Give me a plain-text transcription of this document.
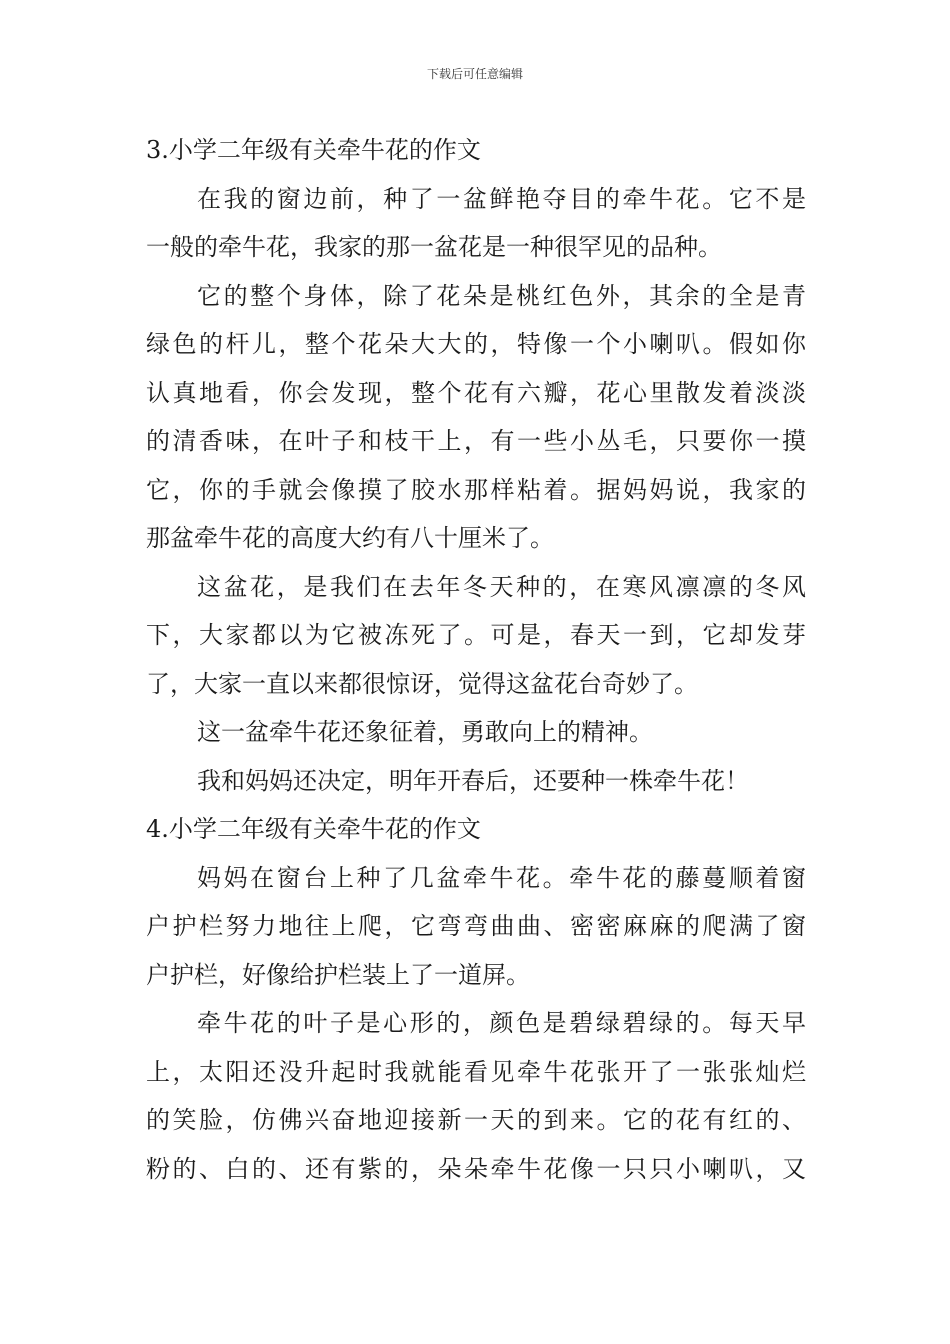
下载后可任意编辑
3.小学二年级有关牵牛花的作文
在我的窗边前，种了一盆鲜艳夺目的牵牛花。它不是
一般的牵牛花，我家的那一盆花是一种很罕见的品种。
它的整个身体，除了花朵是桃红色外，其余的全是青
绿色的杆儿，整个花朵大大的，特像一个小喇叭。假如你
认真地看，你会发现，整个花有六瓣，花心里散发着淡淡
的清香味，在叶子和枝干上，有一些小丛毛，只要你一摸
它，你的手就会像摸了胶水那样粘着。据妈妈说，我家的
那盆牵牛花的高度大约有八十厘米了。
这盆花，是我们在去年冬天种的，在寒风凛凛的冬风
下，大家都以为它被冻死了。可是，春天一到，它却发芽
了，大家一直以来都很惊讶，觉得这盆花台奇妙了。
这一盆牵牛花还象征着，勇敢向上的精神。
我和妈妈还决定，明年开春后，还要种一株牵牛花！
4.小学二年级有关牵牛花的作文
妈妈在窗台上种了几盆牵牛花。牵牛花的藤蔓顺着窗
户护栏努力地往上爬，它弯弯曲曲、密密麻麻的爬满了窗
户护栏，好像给护栏装上了一道屏。
牵牛花的叶子是心形的，颜色是碧绿碧绿的。每天早
上，太阳还没升起时我就能看见牵牛花张开了一张张灿烂
的笑脸，仿佛兴奋地迎接新一天的到来。它的花有红的、
粉的、白的、还有紫的，朵朵牵牛花像一只只小喇叭，又
